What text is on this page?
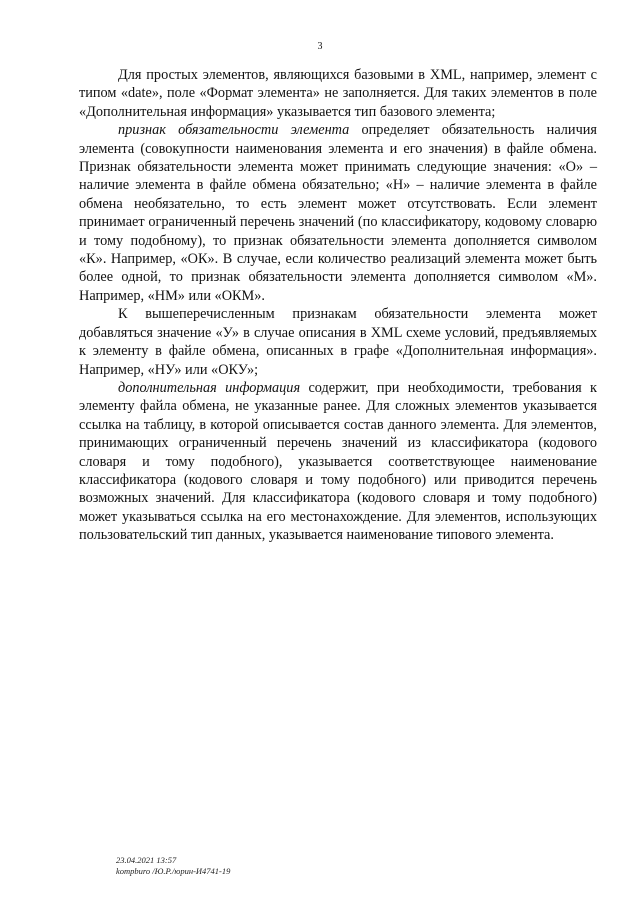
3

Для простых элементов, являющихся базовыми в XML, например, элемент с типом «date», поле «Формат элемента» не заполняется. Для таких элементов в поле «Дополнительная информация» указывается тип базового элемента;

признак обязательности элемента определяет обязательность наличия элемента (совокупности наименования элемента и его значения) в файле обмена. Признак обязательности элемента может принимать следующие значения: «О» – наличие элемента в файле обмена обязательно; «Н» – наличие элемента в файле обмена необязательно, то есть элемент может отсутствовать. Если элемент принимает ограниченный перечень значений (по классификатору, кодовому словарю и тому подобному), то признак обязательности элемента дополняется символом «К». Например, «ОК». В случае, если количество реализаций элемента может быть более одной, то признак обязательности элемента дополняется символом «М». Например, «НМ» или «ОКМ».

К вышеперечисленным признакам обязательности элемента может добавляться значение «У» в случае описания в XML схеме условий, предъявляемых к элементу в файле обмена, описанных в графе «Дополнительная информация». Например, «НУ» или «ОКУ»;

дополнительная информация содержит, при необходимости, требования к элементу файла обмена, не указанные ранее. Для сложных элементов указывается ссылка на таблицу, в которой описывается состав данного элемента. Для элементов, принимающих ограниченный перечень значений из классификатора (кодового словаря и тому подобного), указывается соответствующее наименование классификатора (кодового словаря и тому подобного) или приводится перечень возможных значений. Для классификатора (кодового словаря и тому подобного) может указываться ссылка на его местонахождение. Для элементов, использующих пользовательский тип данных, указывается наименование типового элемента.

23.04.2021 13:57
kompburo /Ю.Р./юрин-И4741-19
